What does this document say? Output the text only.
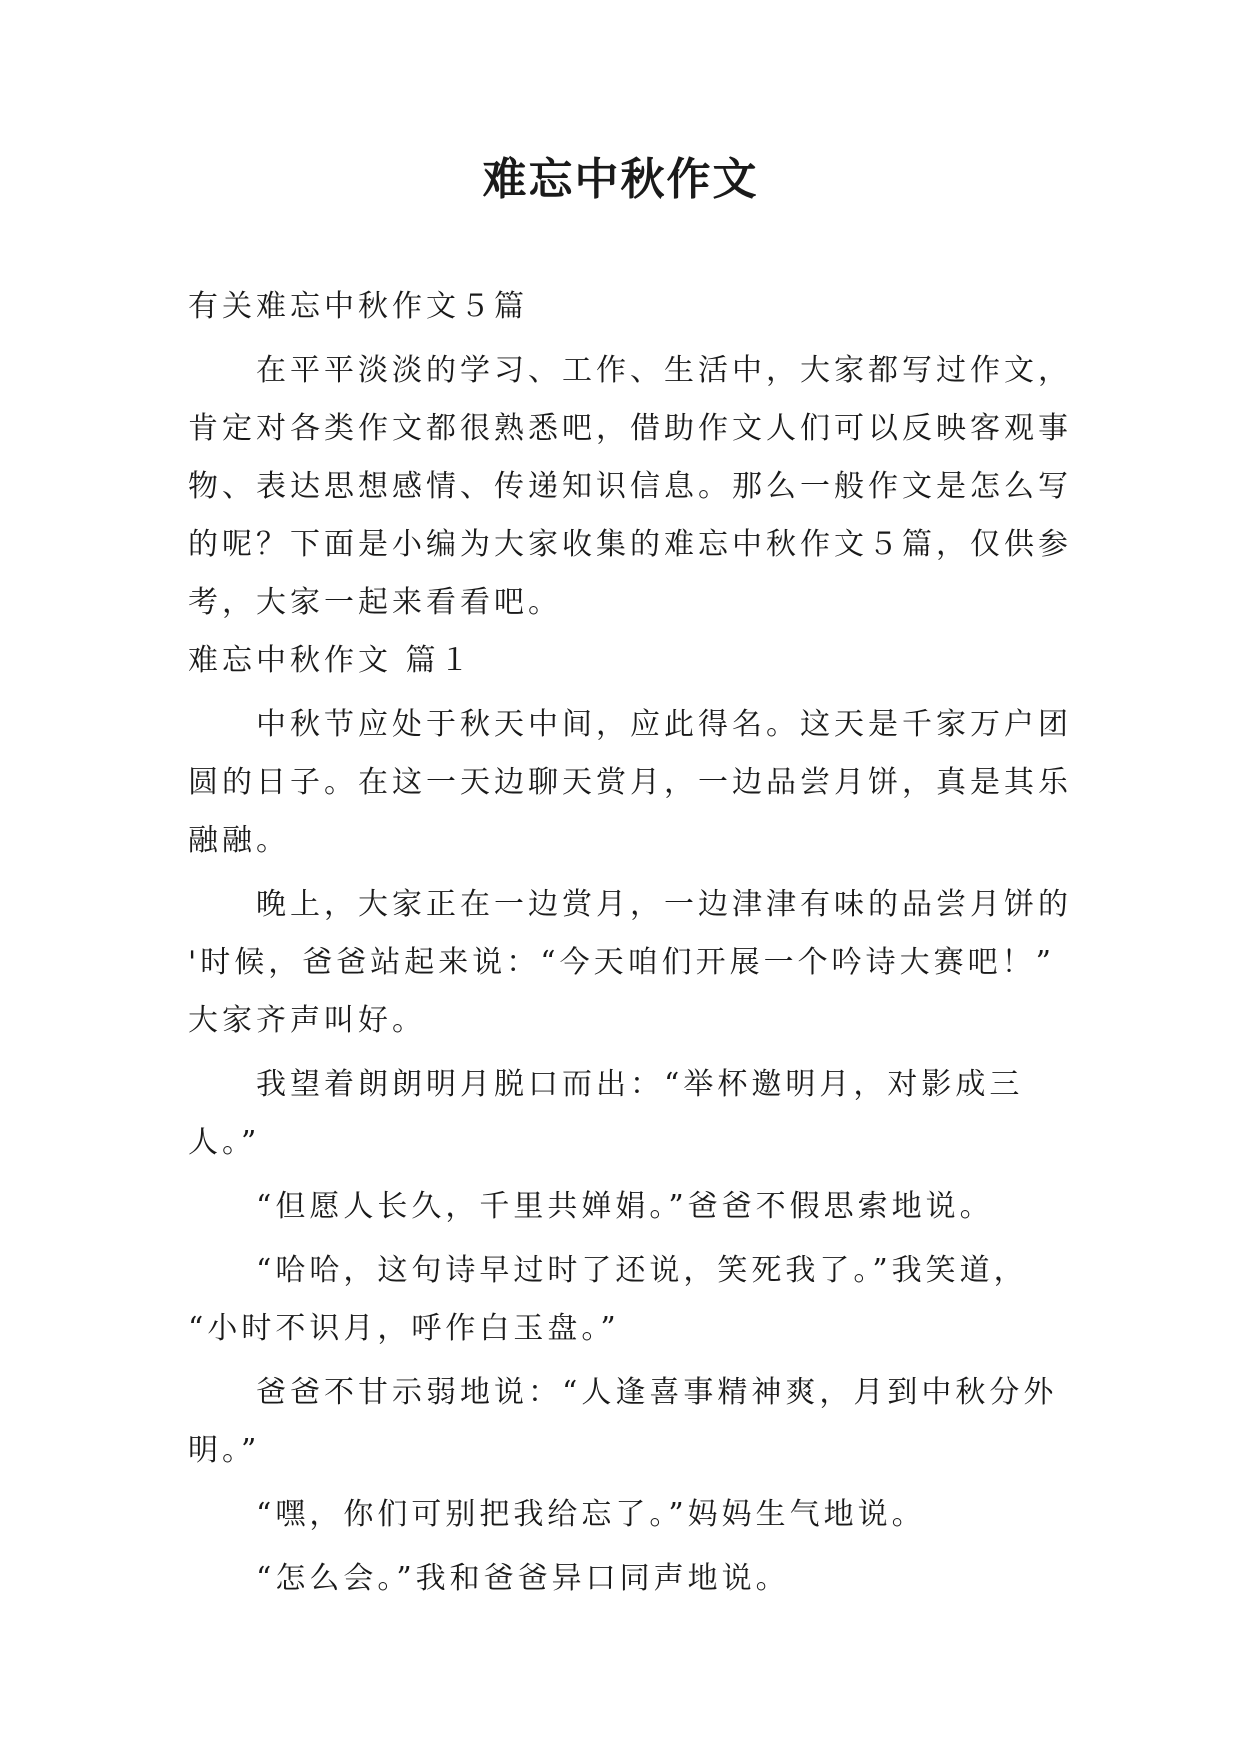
难忘中秋作文

有关难忘中秋作文５篇

在平平淡淡的学习、工作、生活中，大家都写过作文，

肯定对各类作文都很熟悉吧，借助作文人们可以反映客观事

物、表达思想感情、传递知识信息。那么一般作文是怎么写

的呢？下面是小编为大家收集的难忘中秋作文５篇，仅供参

考，大家一起来看看吧。

难忘中秋作文 篇１

中秋节应处于秋天中间，应此得名。这天是千家万户团

圆的日子。在这一天边聊天赏月，一边品尝月饼，真是其乐

融融。

晚上，大家正在一边赏月，一边津津有味的品尝月饼的

'时候，爸爸站起来说：“今天咱们开展一个吟诗大赛吧！”

大家齐声叫好。

我望着朗朗明月脱口而出：“举杯邀明月，对影成三

人。”

“但愿人长久，千里共婵娟。”爸爸不假思索地说。

“哈哈，这句诗早过时了还说，笑死我了。”我笑道，

“小时不识月，呼作白玉盘。”

爸爸不甘示弱地说：“人逢喜事精神爽，月到中秋分外

明。”

“嘿，你们可别把我给忘了。”妈妈生气地说。

“怎么会。”我和爸爸异口同声地说。
